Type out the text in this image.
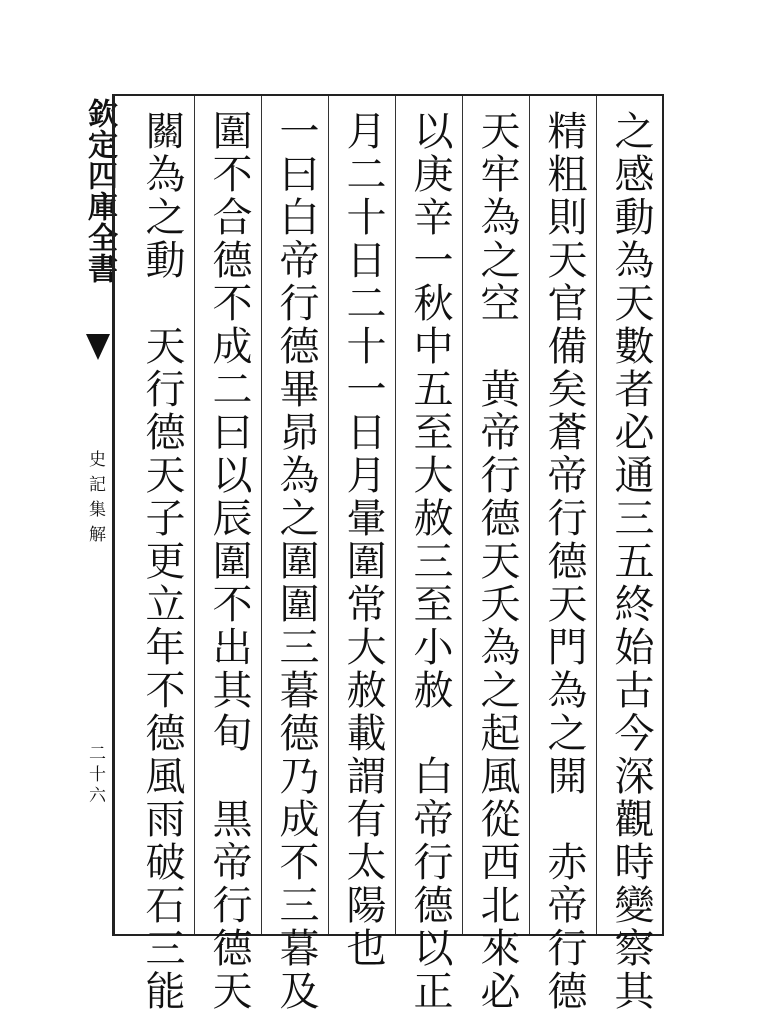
欽定四庫全書
史記集解
二十六	之感動為天數者必通三五終始古今深觀時變察其
精粗則天官備矣蒼帝行德天門為之開　赤帝行德
天牢為之空　黄帝行德天夭為之起風從西北來必
以庚辛一秋中五至大赦三至小赦　白帝行德以正
月二十日二十一日月暈圍常大赦載謂有太陽也
一曰白帝行德畢昴為之圍圍三暮德乃成不三暮及
圍不合德不成二曰以辰圍不出其旬　黒帝行德天
關為之動　天行德天子更立年不德風雨破石三能
